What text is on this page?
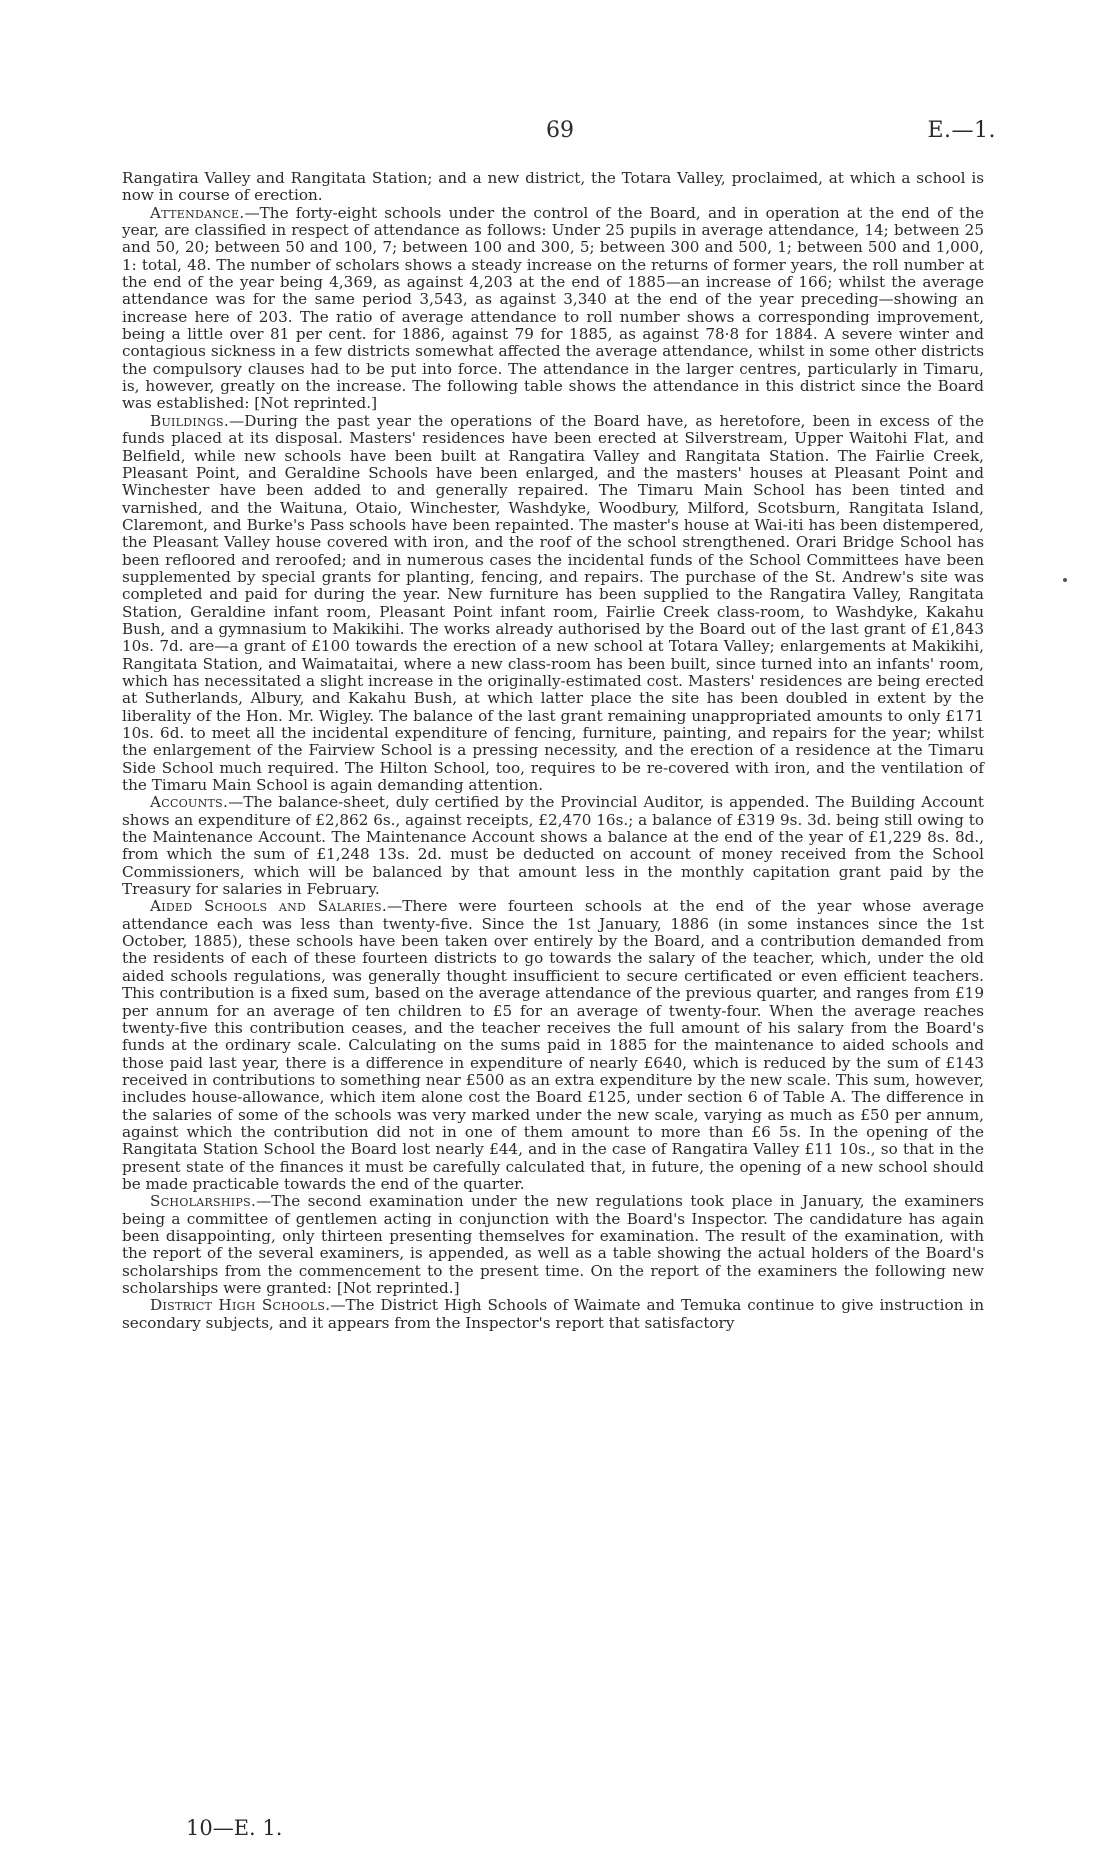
69	E.—1.

Rangatira Valley and Rangitata Station; and a new district, the Totara Valley, proclaimed, at which a school is now in course of erection.

Attendance.—The forty-eight schools under the control of the Board, and in operation at the end of the year, are classified in respect of attendance as follows: Under 25 pupils in average attendance, 14; between 25 and 50, 20; between 50 and 100, 7; between 100 and 300, 5; between 300 and 500, 1; between 500 and 1,000, 1: total, 48. The number of scholars shows a steady increase on the returns of former years, the roll number at the end of the year being 4,369, as against 4,203 at the end of 1885—an increase of 166; whilst the average attendance was for the same period 3,543, as against 3,340 at the end of the year preceding—showing an increase here of 203. The ratio of average attendance to roll number shows a corresponding improvement, being a little over 81 per cent. for 1886, against 79 for 1885, as against 78·8 for 1884. A severe winter and contagious sickness in a few districts somewhat affected the average attendance, whilst in some other districts the compulsory clauses had to be put into force. The attendance in the larger centres, particularly in Timaru, is, however, greatly on the increase. The following table shows the attendance in this district since the Board was established: [Not reprinted.]

Buildings.—During the past year the operations of the Board have, as heretofore, been in excess of the funds placed at its disposal. Masters' residences have been erected at Silverstream, Upper Waitohi Flat, and Belfield, while new schools have been built at Rangatira Valley and Rangitata Station. The Fairlie Creek, Pleasant Point, and Geraldine Schools have been enlarged, and the masters' houses at Pleasant Point and Winchester have been added to and generally repaired. The Timaru Main School has been tinted and varnished, and the Waituna, Otaio, Winchester, Washdyke, Woodbury, Milford, Scotsburn, Rangitata Island, Claremont, and Burke's Pass schools have been repainted. The master's house at Wai-iti has been distempered, the Pleasant Valley house covered with iron, and the roof of the school strengthened. Orari Bridge School has been refloored and reroofed; and in numerous cases the incidental funds of the School Committees have been supplemented by special grants for planting, fencing, and repairs. The purchase of the St. Andrew's site was completed and paid for during the year. New furniture has been supplied to the Rangatira Valley, Rangitata Station, Geraldine infant room, Pleasant Point infant room, Fairlie Creek class-room, to Washdyke, Kakahu Bush, and a gymnasium to Makikihi. The works already authorised by the Board out of the last grant of £1,843 10s. 7d. are—a grant of £100 towards the erection of a new school at Totara Valley; enlargements at Makikihi, Rangitata Station, and Waimataitai, where a new class-room has been built, since turned into an infants' room, which has necessitated a slight increase in the originally-estimated cost. Masters' residences are being erected at Sutherlands, Albury, and Kakahu Bush, at which latter place the site has been doubled in extent by the liberality of the Hon. Mr. Wigley. The balance of the last grant remaining unappropriated amounts to only £171 10s. 6d. to meet all the incidental expenditure of fencing, furniture, painting, and repairs for the year; whilst the enlargement of the Fairview School is a pressing necessity, and the erection of a residence at the Timaru Side School much required. The Hilton School, too, requires to be re-covered with iron, and the ventilation of the Timaru Main School is again demanding attention.

Accounts.—The balance-sheet, duly certified by the Provincial Auditor, is appended. The Building Account shows an expenditure of £2,862 6s., against receipts, £2,470 16s.; a balance of £319 9s. 3d. being still owing to the Maintenance Account. The Maintenance Account shows a balance at the end of the year of £1,229 8s. 8d., from which the sum of £1,248 13s. 2d. must be deducted on account of money received from the School Commissioners, which will be balanced by that amount less in the monthly capitation grant paid by the Treasury for salaries in February.

Aided Schools and Salaries.—There were fourteen schools at the end of the year whose average attendance each was less than twenty-five. Since the 1st January, 1886 (in some instances since the 1st October, 1885), these schools have been taken over entirely by the Board, and a contribution demanded from the residents of each of these fourteen districts to go towards the salary of the teacher, which, under the old aided schools regulations, was generally thought insufficient to secure certificated or even efficient teachers. This contribution is a fixed sum, based on the average attendance of the previous quarter, and ranges from £19 per annum for an average of ten children to £5 for an average of twenty-four. When the average reaches twenty-five this contribution ceases, and the teacher receives the full amount of his salary from the Board's funds at the ordinary scale. Calculating on the sums paid in 1885 for the maintenance to aided schools and those paid last year, there is a difference in expenditure of nearly £640, which is reduced by the sum of £143 received in contributions to something near £500 as an extra expenditure by the new scale. This sum, however, includes house-allowance, which item alone cost the Board £125, under section 6 of Table A. The difference in the salaries of some of the schools was very marked under the new scale, varying as much as £50 per annum, against which the contribution did not in one of them amount to more than £6 5s. In the opening of the Rangitata Station School the Board lost nearly £44, and in the case of Rangatira Valley £11 10s., so that in the present state of the finances it must be carefully calculated that, in future, the opening of a new school should be made practicable towards the end of the quarter.

Scholarships.—The second examination under the new regulations took place in January, the examiners being a committee of gentlemen acting in conjunction with the Board's Inspector. The candidature has again been disappointing, only thirteen presenting themselves for examination. The result of the examination, with the report of the several examiners, is appended, as well as a table showing the actual holders of the Board's scholarships from the commencement to the present time. On the report of the examiners the following new scholarships were granted: [Not reprinted.]

District High Schools.—The District High Schools of Waimate and Temuka continue to give instruction in secondary subjects, and it appears from the Inspector's report that satisfactory

10—E. 1.
